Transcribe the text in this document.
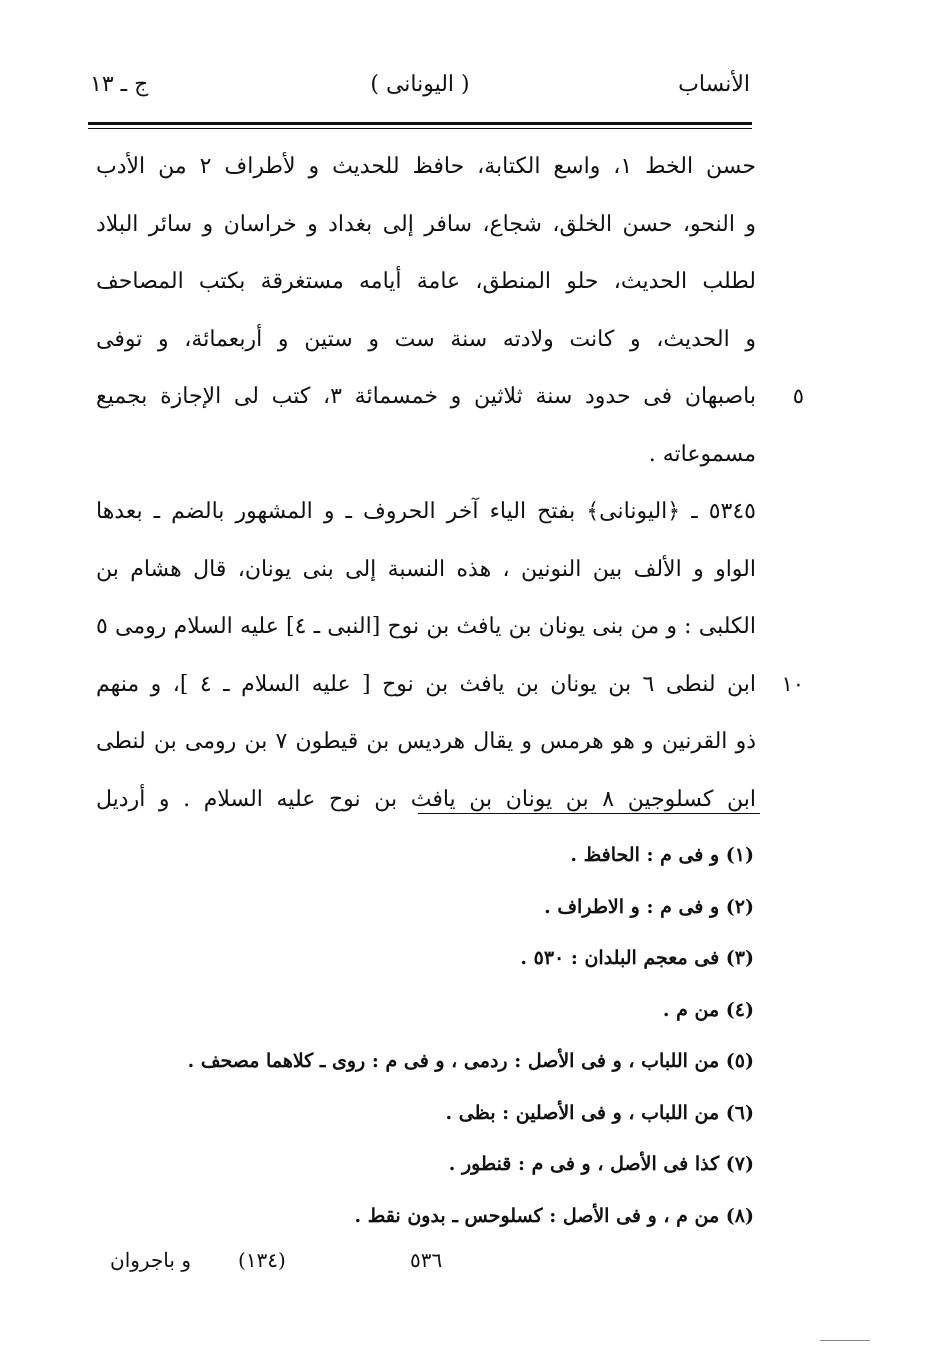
الأنساب
( اليونانى )
ج ـ ١٣
حسن الخط ١، واسع الكتابة، حافظ للحديث و لأطراف ٢ من الأدب
و النحو، حسن الخلق، شجاع، سافر إلى بغداد و خراسان و سائر البلاد
لطلب الحديث، حلو المنطق، عامة أيامه مستغرقة بكتب المصاحف
و الحديث، و كانت ولادته سنة ست و ستين و أربعمائة، و توفى
باصبهان فى حدود سنة ثلاثين و خمسمائة ٣، كتب لى الإجازة بجميع ٥
مسموعاته .
٥٣٤٥ ـ ﴿اليونانى﴾ بفتح الياء آخر الحروف ـ و المشهور بالضم ـ بعدها
الواو و الألف بين النونين ، هذه النسبة إلى بنى يونان، قال هشام بن
الكلبى : و من بنى يونان بن يافث بن نوح [النبى ـ ٤] عليه السلام رومى ٥
ابن لنطى ٦ بن يونان بن يافث بن نوح [ عليه السلام ـ ٤ ]، و منهم ١٠
ذو القرنين و هو هرمس و يقال هرديس بن قيطون ٧ بن رومى بن لنطى
ابن كسلوجين ٨ بن يونان بن يافث بن نوح عليه السلام . و أرديل
(١) و فى م : الحافظ .
(٢) و فى م : و الاطراف .
(٣) فى معجم البلدان : ٥٣٠ .
(٤) من م .
(٥) من اللباب ، و فى الأصل : ردمى ، و فى م : روى ـ كلاهما مصحف .
(٦) من اللباب ، و فى الأصلين : بظى .
(٧) كذا فى الأصل ، و فى م : قنطور .
(٨) من م ، و فى الأصل : كسلوحس ـ بدون نقط .
٥٣٦
(١٣٤)
و باجروان
